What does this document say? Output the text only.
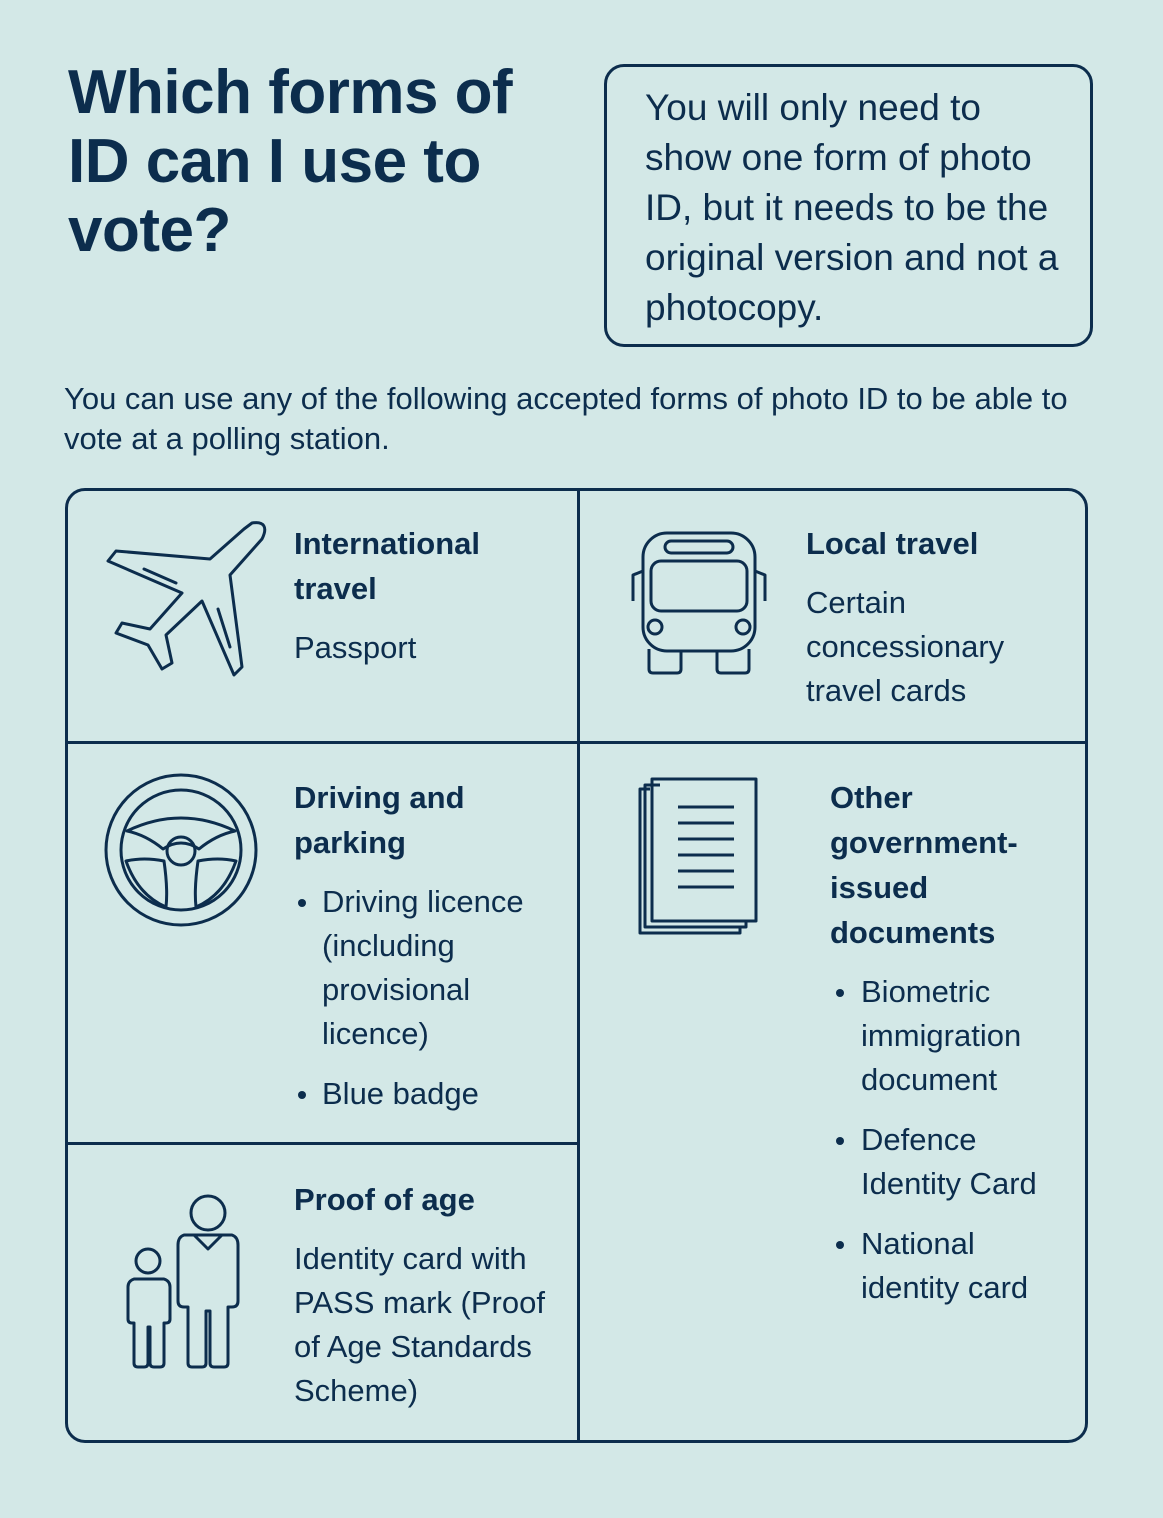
Which forms of ID can I use to vote?
You will only need to show one form of photo ID, but it needs to be the original version and not a photocopy.
You can use any of the following accepted forms of photo ID to be able to vote at a polling station.
International travel

Passport

Local travel

Certain concessionary travel cards

Driving and parking
Driving licence (including provisional licence)
Blue badge
Other government-issued documents
Biometric immigration document
Defence Identity Card
National identity card
Proof of age

Identity card with PASS mark (Proof of Age Standards Scheme)
